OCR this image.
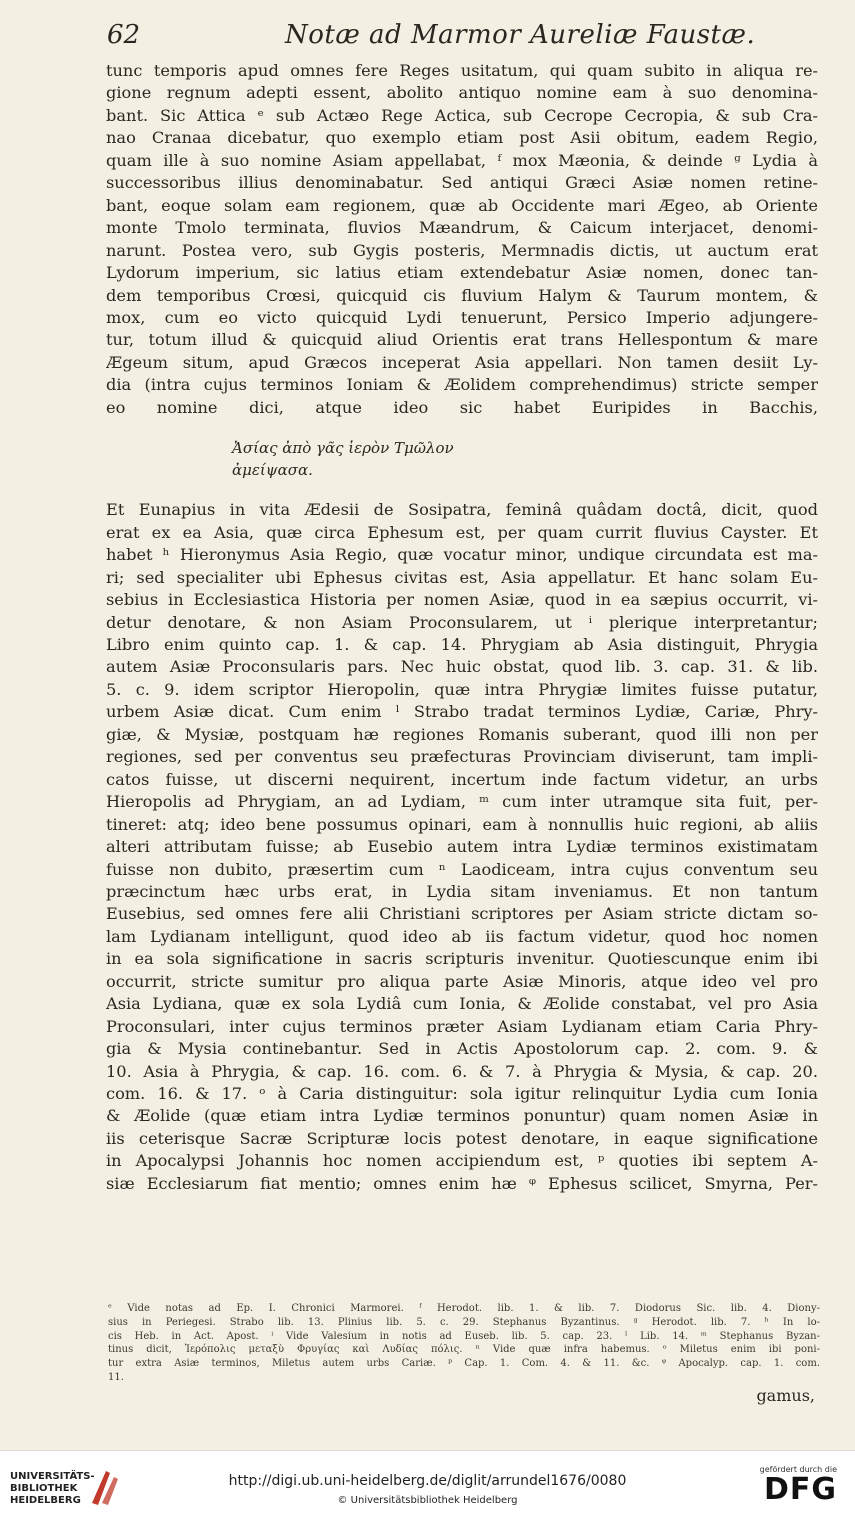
62	Notæ ad Marmor Aureliæ Faustæ.

tunc temporis apud omnes fere Reges usitatum, qui quam subito in aliqua re-
gione regnum adepti essent, abolito antiquo nomine eam à suo denomina-
bant. Sic Attica ᵉ sub Actæo Rege Actica, sub Cecrope Cecropia, & sub Cra-
nao Cranaa dicebatur, quo exemplo etiam post Asii obitum, eadem Regio,
quam ille à suo nomine Asiam appellabat, ᶠ mox Mæonia, & deinde ᵍ Lydia à
successoribus illius denominabatur. Sed antiqui Græci Asiæ nomen retine-
bant, eoque solam eam regionem, quæ ab Occidente mari Ægeo, ab Oriente
monte Tmolo terminata, fluvios Mæandrum, & Caicum interjacet, denomi-
narunt. Postea vero, sub Gygis posteris, Mermnadis dictis, ut auctum erat
Lydorum imperium, sic latius etiam extendebatur Asiæ nomen, donec tan-
dem temporibus Crœsi, quicquid cis fluvium Halym & Taurum montem, &
mox, cum eo victo quicquid Lydi tenuerunt, Persico Imperio adjungere-
tur, totum illud & quicquid aliud Orientis erat trans Hellespontum & mare
Ægeum situm, apud Græcos inceperat Asia appellari. Non tamen desiit Ly-
dia (intra cujus terminos Ioniam & Æolidem comprehendimus) stricte semper
eo nomine dici, atque ideo sic habet Euripides in Bacchis,

Ἀσίας ἀπὸ γᾶς ἱερὸν Τμῶλον
ἀμείψασα.

Et Eunapius in vita Ædesii de Sosipatra, feminâ quâdam doctâ, dicit, quod
erat ex ea Asia, quæ circa Ephesum est, per quam currit fluvius Cayster. Et
habet ʰ Hieronymus Asia Regio, quæ vocatur minor, undique circundata est ma-
ri; sed specialiter ubi Ephesus civitas est, Asia appellatur. Et hanc solam Eu-
sebius in Ecclesiastica Historia per nomen Asiæ, quod in ea sæpius occurrit, vi-
detur denotare, & non Asiam Proconsularem, ut ⁱ plerique interpretantur;
Libro enim quinto cap. 1. & cap. 14. Phrygiam ab Asia distinguit, Phrygia
autem Asiæ Proconsularis pars. Nec huic obstat, quod lib. 3. cap. 31. & lib.
5. c. 9. idem scriptor Hieropolin, quæ intra Phrygiæ limites fuisse putatur,
urbem Asiæ dicat. Cum enim ˡ Strabo tradat terminos Lydiæ, Cariæ, Phry-
giæ, & Mysiæ, postquam hæ regiones Romanis suberant, quod illi non per
regiones, sed per conventus seu præfecturas Provinciam diviserunt, tam impli-
catos fuisse, ut discerni nequirent, incertum inde factum videtur, an urbs
Hieropolis ad Phrygiam, an ad Lydiam, ᵐ cum inter utramque sita fuit, per-
tineret: atq; ideo bene possumus opinari, eam à nonnullis huic regioni, ab aliis
alteri attributam fuisse; ab Eusebio autem intra Lydiæ terminos existimatam
fuisse non dubito, præsertim cum ⁿ Laodiceam, intra cujus conventum seu
præcinctum hæc urbs erat, in Lydia sitam inveniamus. Et non tantum
Eusebius, sed omnes fere alii Christiani scriptores per Asiam stricte dictam so-
lam Lydianam intelligunt, quod ideo ab iis factum videtur, quod hoc nomen
in ea sola significatione in sacris scripturis invenitur. Quotiescunque enim ibi
occurrit, stricte sumitur pro aliqua parte Asiæ Minoris, atque ideo vel pro
Asia Lydiana, quæ ex sola Lydiâ cum Ionia, & Æolide constabat, vel pro Asia
Proconsulari, inter cujus terminos præter Asiam Lydianam etiam Caria Phry-
gia & Mysia continebantur. Sed in Actis Apostolorum cap. 2. com. 9. &
10. Asia à Phrygia, & cap. 16. com. 6. & 7. à Phrygia & Mysia, & cap. 20.
com. 16. & 17. ᵒ à Caria distinguitur: sola igitur relinquitur Lydia cum Ionia
& Æolide (quæ etiam intra Lydiæ terminos ponuntur) quam nomen Asiæ in
iis ceterisque Sacræ Scripturæ locis potest denotare, in eaque significatione
in Apocalypsi Johannis hoc nomen accipiendum est, ᵖ quoties ibi septem A-
siæ Ecclesiarum fiat mentio; omnes enim hæ ᵠ Ephesus scilicet, Smyrna, Per-

ᵉ Vide notas ad Ep. I. Chronici Marmorei. ᶠ Herodot. lib. 1. & lib. 7. Diodorus Sic. lib. 4. Diony-
sius in Periegesi. Strabo lib. 13. Plinius lib. 5. c. 29. Stephanus Byzantinus. ᵍ Herodot. lib. 7. ʰ In lo-
cis Heb. in Act. Apost. ⁱ Vide Valesium in notis ad Euseb. lib. 5. cap. 23. ˡ Lib. 14. ᵐ Stephanus Byzan-
tinus dicit, Ἱερόπολις μεταξὺ Φρυγίας καὶ Λυδίας πόλις. ⁿ Vide quæ infra habemus. ᵒ Miletus enim ibi poni-
tur extra Asiæ terminos, Miletus autem urbs Cariæ. ᵖ Cap. 1. Com. 4. & 11. &c. ᵠ Apocalyp. cap. 1. com.
11.
gamus,
UNIVERSITÄTS-
BIBLIOTHEK
HEIDELBERG
http://digi.ub.uni-heidelberg.de/diglit/arrundel1676/0080
© Universitätsbibliothek Heidelberg
gefördert durch die
DFG
